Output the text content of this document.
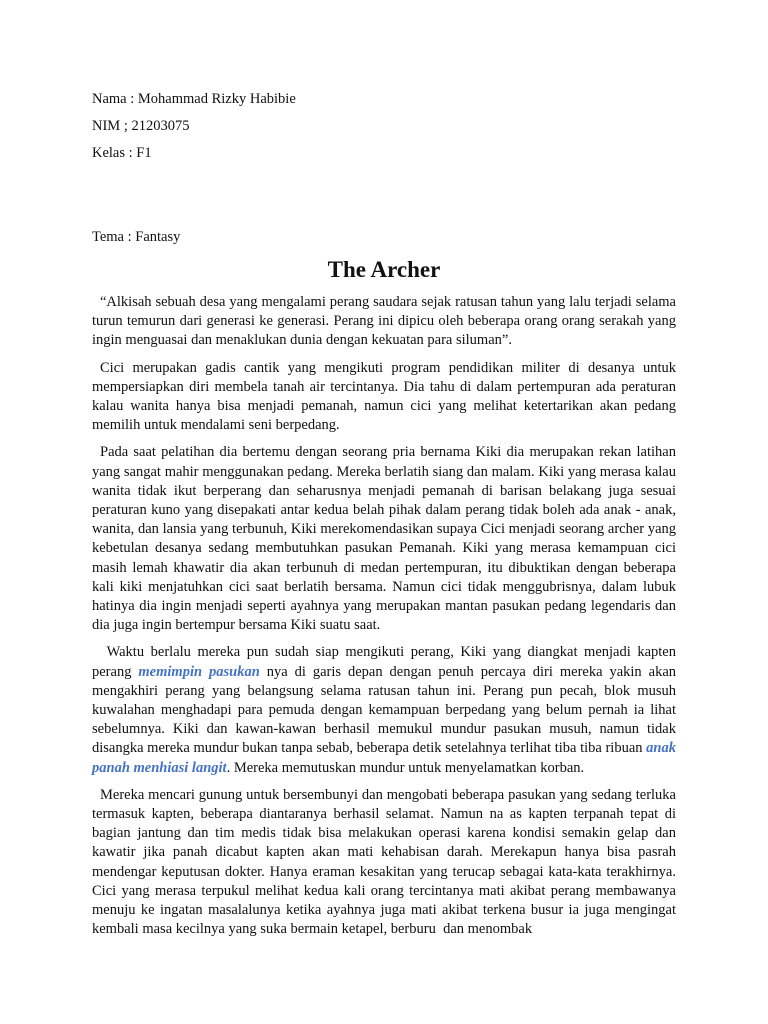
Nama : Mohammad Rizky Habibie
NIM ; 21203075
Kelas : F1
Tema : Fantasy
The Archer

“Alkisah sebuah desa yang mengalami perang saudara sejak ratusan tahun yang lalu terjadi selama turun temurun dari generasi ke generasi. Perang ini dipicu oleh beberapa orang orang serakah yang ingin menguasai dan menaklukan dunia dengan kekuatan para siluman”.

Cici merupakan gadis cantik yang mengikuti program pendidikan militer di desanya untuk mempersiapkan diri membela tanah air tercintanya. Dia tahu di dalam pertempuran ada peraturan kalau wanita hanya bisa menjadi pemanah, namun cici yang melihat ketertarikan akan pedang memilih untuk mendalami seni berpedang.

Pada saat pelatihan dia bertemu dengan seorang pria bernama Kiki dia merupakan rekan latihan yang sangat mahir menggunakan pedang. Mereka berlatih siang dan malam. Kiki yang merasa kalau wanita tidak ikut berperang dan seharusnya menjadi pemanah di barisan belakang juga sesuai peraturan kuno yang disepakati antar kedua belah pihak dalam perang tidak boleh ada anak - anak, wanita, dan lansia yang terbunuh, Kiki merekomendasikan supaya Cici menjadi seorang archer yang kebetulan desanya sedang membutuhkan pasukan Pemanah. Kiki yang merasa kemampuan cici  masih lemah khawatir dia akan terbunuh di medan pertempuran, itu dibuktikan dengan beberapa kali kiki menjatuhkan cici saat berlatih bersama. Namun cici tidak menggubrisnya, dalam lubuk hatinya dia ingin menjadi seperti ayahnya yang merupakan mantan pasukan pedang legendaris dan dia juga ingin bertempur bersama Kiki suatu saat.

Waktu berlalu mereka pun sudah siap mengikuti perang, Kiki yang diangkat menjadi kapten perang memimpin pasukan nya di garis depan dengan penuh percaya diri mereka yakin akan mengakhiri perang yang belangsung selama ratusan tahun ini. Perang pun pecah, blok musuh kuwalahan menghadapi para pemuda dengan kemampuan berpedang yang belum pernah ia lihat sebelumnya. Kiki dan kawan-kawan berhasil memukul mundur pasukan musuh, namun tidak disangka mereka mundur bukan tanpa sebab, beberapa detik setelahnya terlihat tiba tiba ribuan anak panah menhiasi langit. Mereka memutuskan mundur untuk menyelamatkan korban.

Mereka mencari gunung untuk bersembunyi dan mengobati beberapa pasukan yang sedang terluka termasuk kapten, beberapa diantaranya berhasil selamat. Namun na as kapten terpanah tepat di bagian jantung dan tim medis tidak bisa melakukan operasi karena kondisi semakin gelap dan kawatir jika panah dicabut kapten akan mati kehabisan darah. Merekapun hanya bisa pasrah mendengar keputusan dokter. Hanya eraman kesakitan yang terucap sebagai kata-kata terakhirnya. Cici yang merasa terpukul melihat kedua kali orang tercintanya mati akibat perang membawanya menuju ke ingatan masalalunya ketika ayahnya juga mati akibat terkena busur ia juga mengingat kembali masa kecilnya yang suka bermain ketapel, berburu  dan menombak
